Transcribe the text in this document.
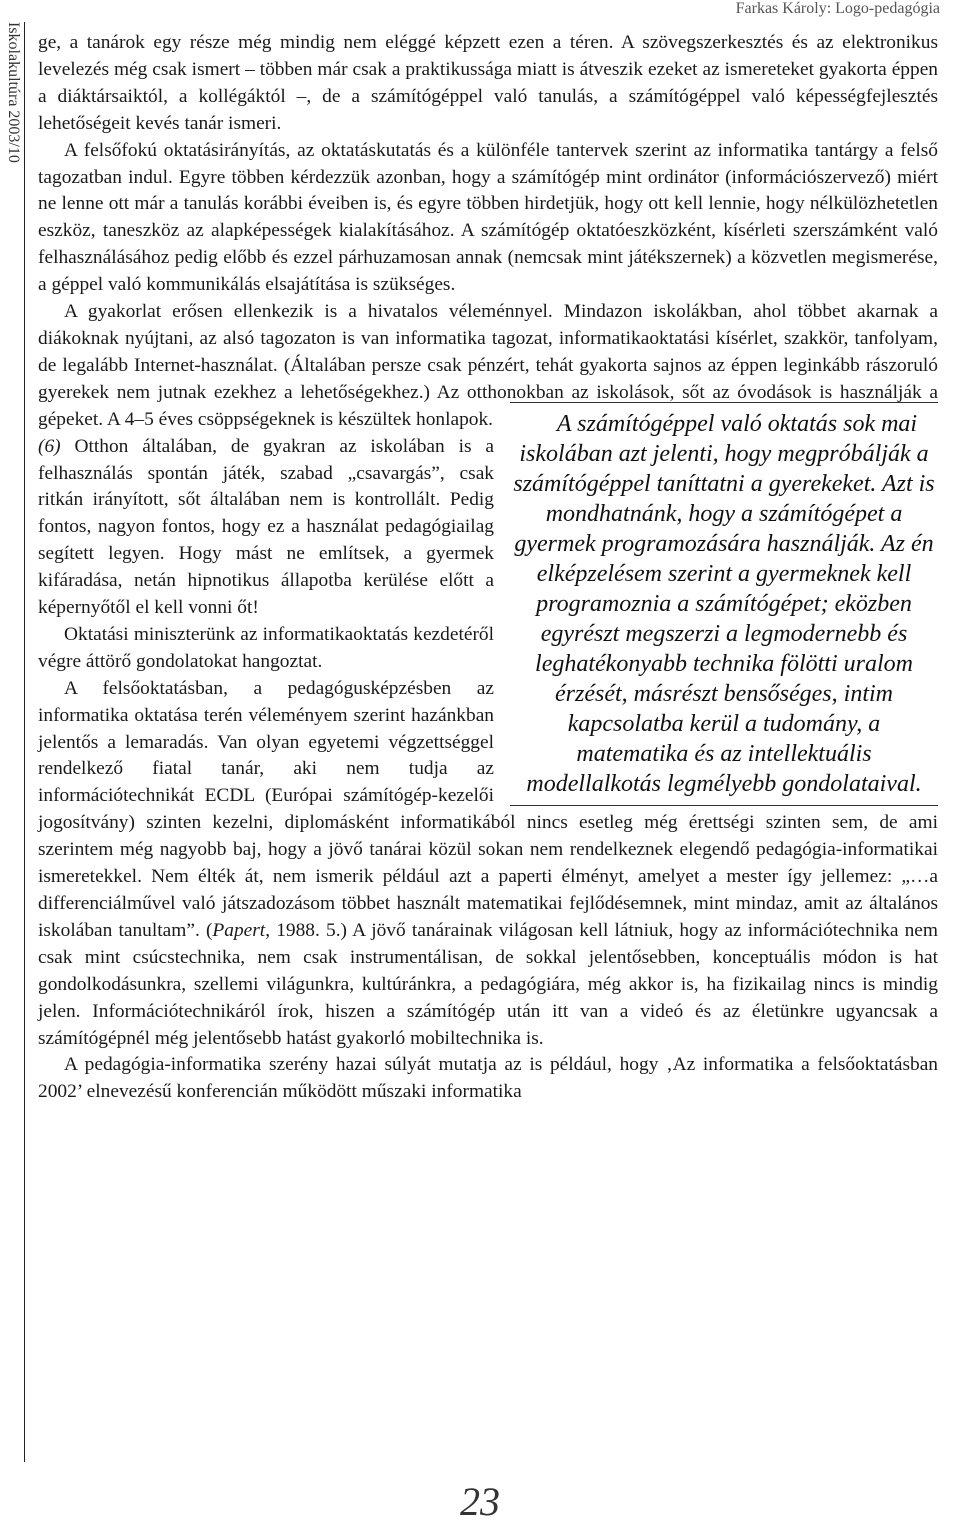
Farkas Károly: Logo-pedagógia
Iskolakultúra 2003/10 ge, a tanárok egy része még mindig nem eléggé képzett ezen a téren. A szövegszerkesztés és az elektronikus levelezés még csak ismert – többen már csak a praktikussága miatt is átveszik ezeket az ismereteket gyakorta éppen a diáktársaiktól, a kollégáktól –, de a számítógéppel való tanulás, a számítógéppel való képességfejlesztés lehetőségeit kevés tanár ismeri.

A felsőfokú oktatásirányítás, az oktatáskutatás és a különféle tantervek szerint az informatika tantárgy a felső tagozatban indul. Egyre többen kérdezzük azonban, hogy a számítógép mint ordinátor (információszervező) miért ne lenne ott már a tanulás korábbi éveiben is, és egyre többen hirdetjük, hogy ott kell lennie, hogy nélkülözhetetlen eszköz, taneszköz az alapképességek kialakításához. A számítógép oktatóeszközként, kísérleti szerszámként való felhasználásához pedig előbb és ezzel párhuzamosan annak (nemcsak mint játékszernek) a közvetlen megismerése, a géppel való kommunikálás elsajátítása is szükséges.

A gyakorlat erősen ellenkezik is a hivatalos véleménnyel. Mindazon iskolákban, ahol többet akarnak a diákoknak nyújtani, az alsó tagozaton is van informatika tagozat, informatikaoktatási kísérlet, szakkör, tanfolyam, de legalább Internet-használat. (Általában persze csak pénzért, tehát gyakorta sajnos az éppen leginkább rászoruló gyerekek nem jutnak ezekhez a lehetőségekhez.) Az otthonokban az iskolások, sőt az óvodások is használják a gépeket. A 4–5 éves csöppségeknek is készültek honlapok.	A számítógéppel való oktatás sok mai iskolában azt jelenti, hogy megpróbálják a számítógéppel taníttatni a gyerekeket. Azt is mondhatnánk, hogy a számítógépet a gyermek programozására használják. Az én elképzelésem szerint a gyermeknek kell programoznia a számítógépet; eközben egyrészt megszerzi a legmodernebb és leghatékonyabb technika fölötti uralom érzését, másrészt bensőséges, intim kapcsolatba kerül a tudomány, a matematika és az intellektuális modellalkotás legmélyebb gondolataival.

(6) Otthon általában, de gyakran az iskolában is a felhasználás spontán játék, szabad „csavargás”, csak ritkán irányított, sőt általában nem is kontrollált. Pedig fontos, nagyon fontos, hogy ez a használat pedagógiailag segített legyen. Hogy mást ne említsek, a gyermek kifáradása, netán hipnotikus állapotba kerülése előtt a képernyőtől el kell vonni őt!

Oktatási miniszterünk az informatikaoktatás kezdetéről végre áttörő gondolatokat hangoztat.

A felsőoktatásban, a pedagógusképzésben az informatika oktatása terén véleményem szerint hazánkban jelentős a lemaradás. Van olyan egyetemi végzettséggel rendelkező fiatal tanár, aki nem tudja az információtechnikát ECDL (Európai számítógép-kezelői jogosítvány) szinten kezelni, diplomásként informatikából nincs esetleg még érettségi szinten sem, de ami szerintem még nagyobb baj, hogy a jövő tanárai közül sokan nem rendelkeznek elegendő pedagógia-informatikai ismeretekkel. Nem élték át, nem ismerik például azt a paperti élményt, amelyet a mester így jellemez: „…a differenciálművel való játszadozásom többet használt matematikai fejlődésemnek, mint mindaz, amit az általános iskolában tanultam”. (Papert, 1988. 5.) A jövő tanárainak világosan kell látniuk, hogy az információtechnika nem csak mint csúcstechnika, nem csak instrumentálisan, de sokkal jelentősebben, konceptuális módon is hat gondolkodásunkra, szellemi világunkra, kultúránkra, a pedagógiára, még akkor is, ha fizikailag nincs is mindig jelen. Információtechnikáról írok, hiszen a számítógép után itt van a videó és az életünkre ugyancsak a számítógépnél még jelentősebb hatást gyakorló mobiltechnika is.

A pedagógia-informatika szerény hazai súlyát mutatja az is például, hogy ‚Az informatika a felsőoktatásban 2002’ elnevezésű konferencián működött műszaki informatika

23
